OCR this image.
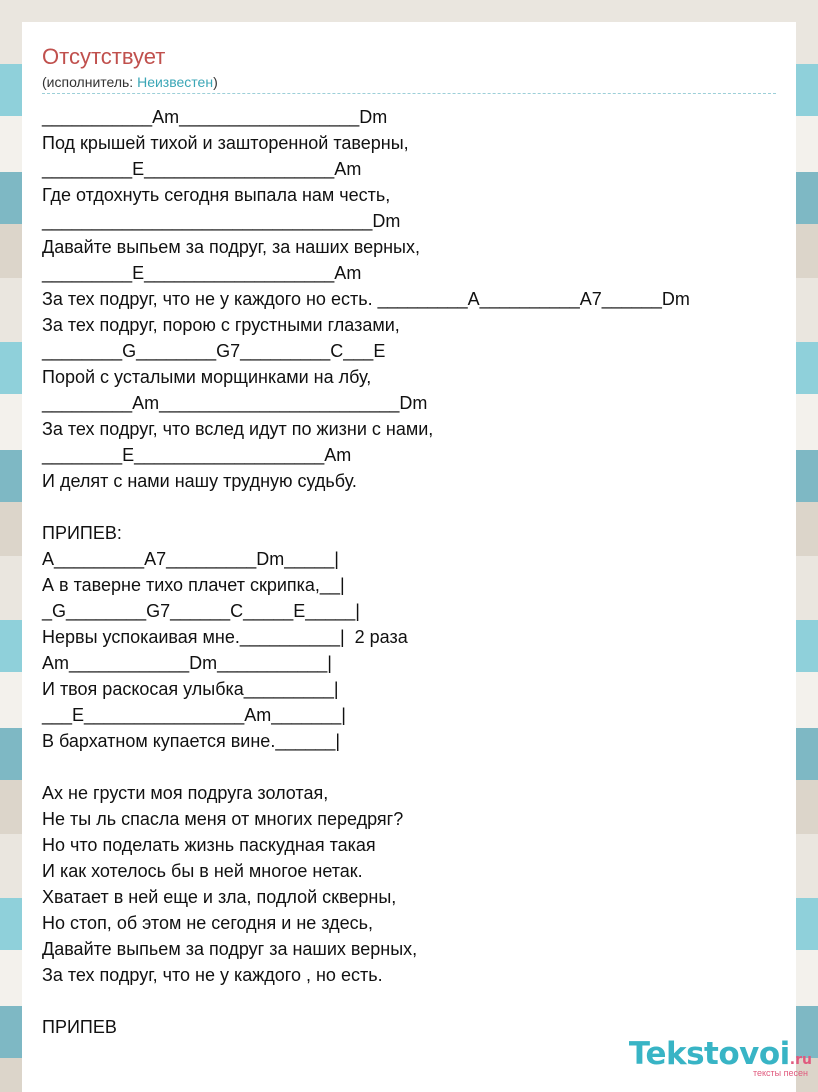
Отсутствует
(исполнитель: Неизвестен)
___________Am__________________Dm
Под крышей тихой и зашторенной таверны,
_________E___________________Am
Где отдохнуть сегодня выпала нам честь,
_________________________________Dm
Давайте выпьем за подруг, за наших верных,
_________E___________________Am
За тех подруг, что не у каждого но есть. _________A__________A7______Dm
За тех подруг, порою с грустными глазами,
________G________G7_________C___E
Порой с усталыми морщинками на лбу,
_________Am________________________Dm
За тех подруг, что вслед идут по жизни с нами,
________E___________________Am
И делят с нами нашу трудную судьбу.

ПРИПЕВ:
A_________A7_________Dm_____|
А в таверне тихо плачет скрипка,__|
_G________G7______C_____E_____|
Нервы успокаивая мне.__________|  2 раза
Am____________Dm___________|
И твоя раскосая улыбка_________|
___E________________Am_______|
В бархатном купается вине.______|

Ах не грусти моя подруга золотая,
Не ты ль спасла меня от многих передряг?
Но что поделать жизнь паскудная такая
И как хотелось бы в ней многое нетак.
Хватает в ней еще и зла, подлой скверны,
Но стоп, об этом не сегодня и не здесь,
Давайте выпьем за подруг за наших верных,
За тех подруг, что не у каждого , но есть.

ПРИПЕВ
Tekstovoi.ru
тексты песен
